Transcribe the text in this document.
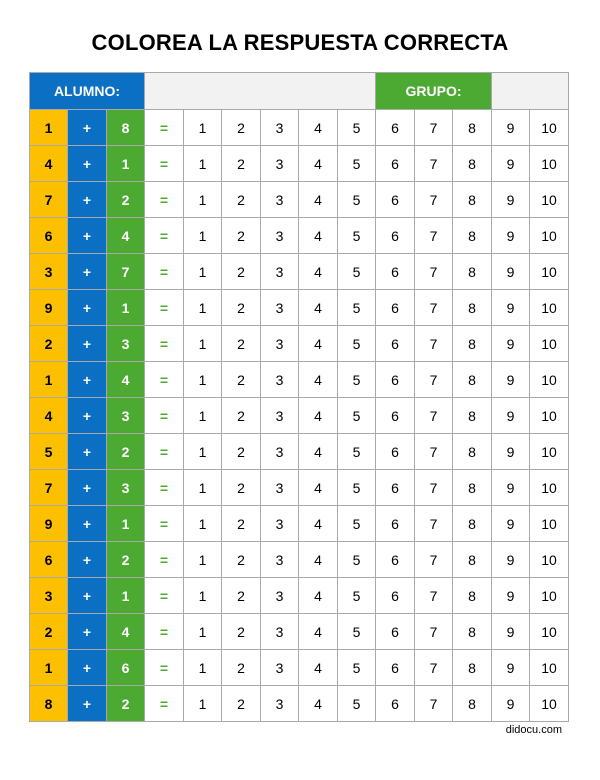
COLOREA LA RESPUESTA CORRECTA
ALUMNO:									GRUPO:				
1	+	8	=	1	2	3	4	5	6	7	8	9	10
4	+	1	=	1	2	3	4	5	6	7	8	9	10
7	+	2	=	1	2	3	4	5	6	7	8	9	10
6	+	4	=	1	2	3	4	5	6	7	8	9	10
3	+	7	=	1	2	3	4	5	6	7	8	9	10
9	+	1	=	1	2	3	4	5	6	7	8	9	10
2	+	3	=	1	2	3	4	5	6	7	8	9	10
1	+	4	=	1	2	3	4	5	6	7	8	9	10
4	+	3	=	1	2	3	4	5	6	7	8	9	10
5	+	2	=	1	2	3	4	5	6	7	8	9	10
7	+	3	=	1	2	3	4	5	6	7	8	9	10
9	+	1	=	1	2	3	4	5	6	7	8	9	10
6	+	2	=	1	2	3	4	5	6	7	8	9	10
3	+	1	=	1	2	3	4	5	6	7	8	9	10
2	+	4	=	1	2	3	4	5	6	7	8	9	10
1	+	6	=	1	2	3	4	5	6	7	8	9	10
8	+	2	=	1	2	3	4	5	6	7	8	9	10
didocu.com
